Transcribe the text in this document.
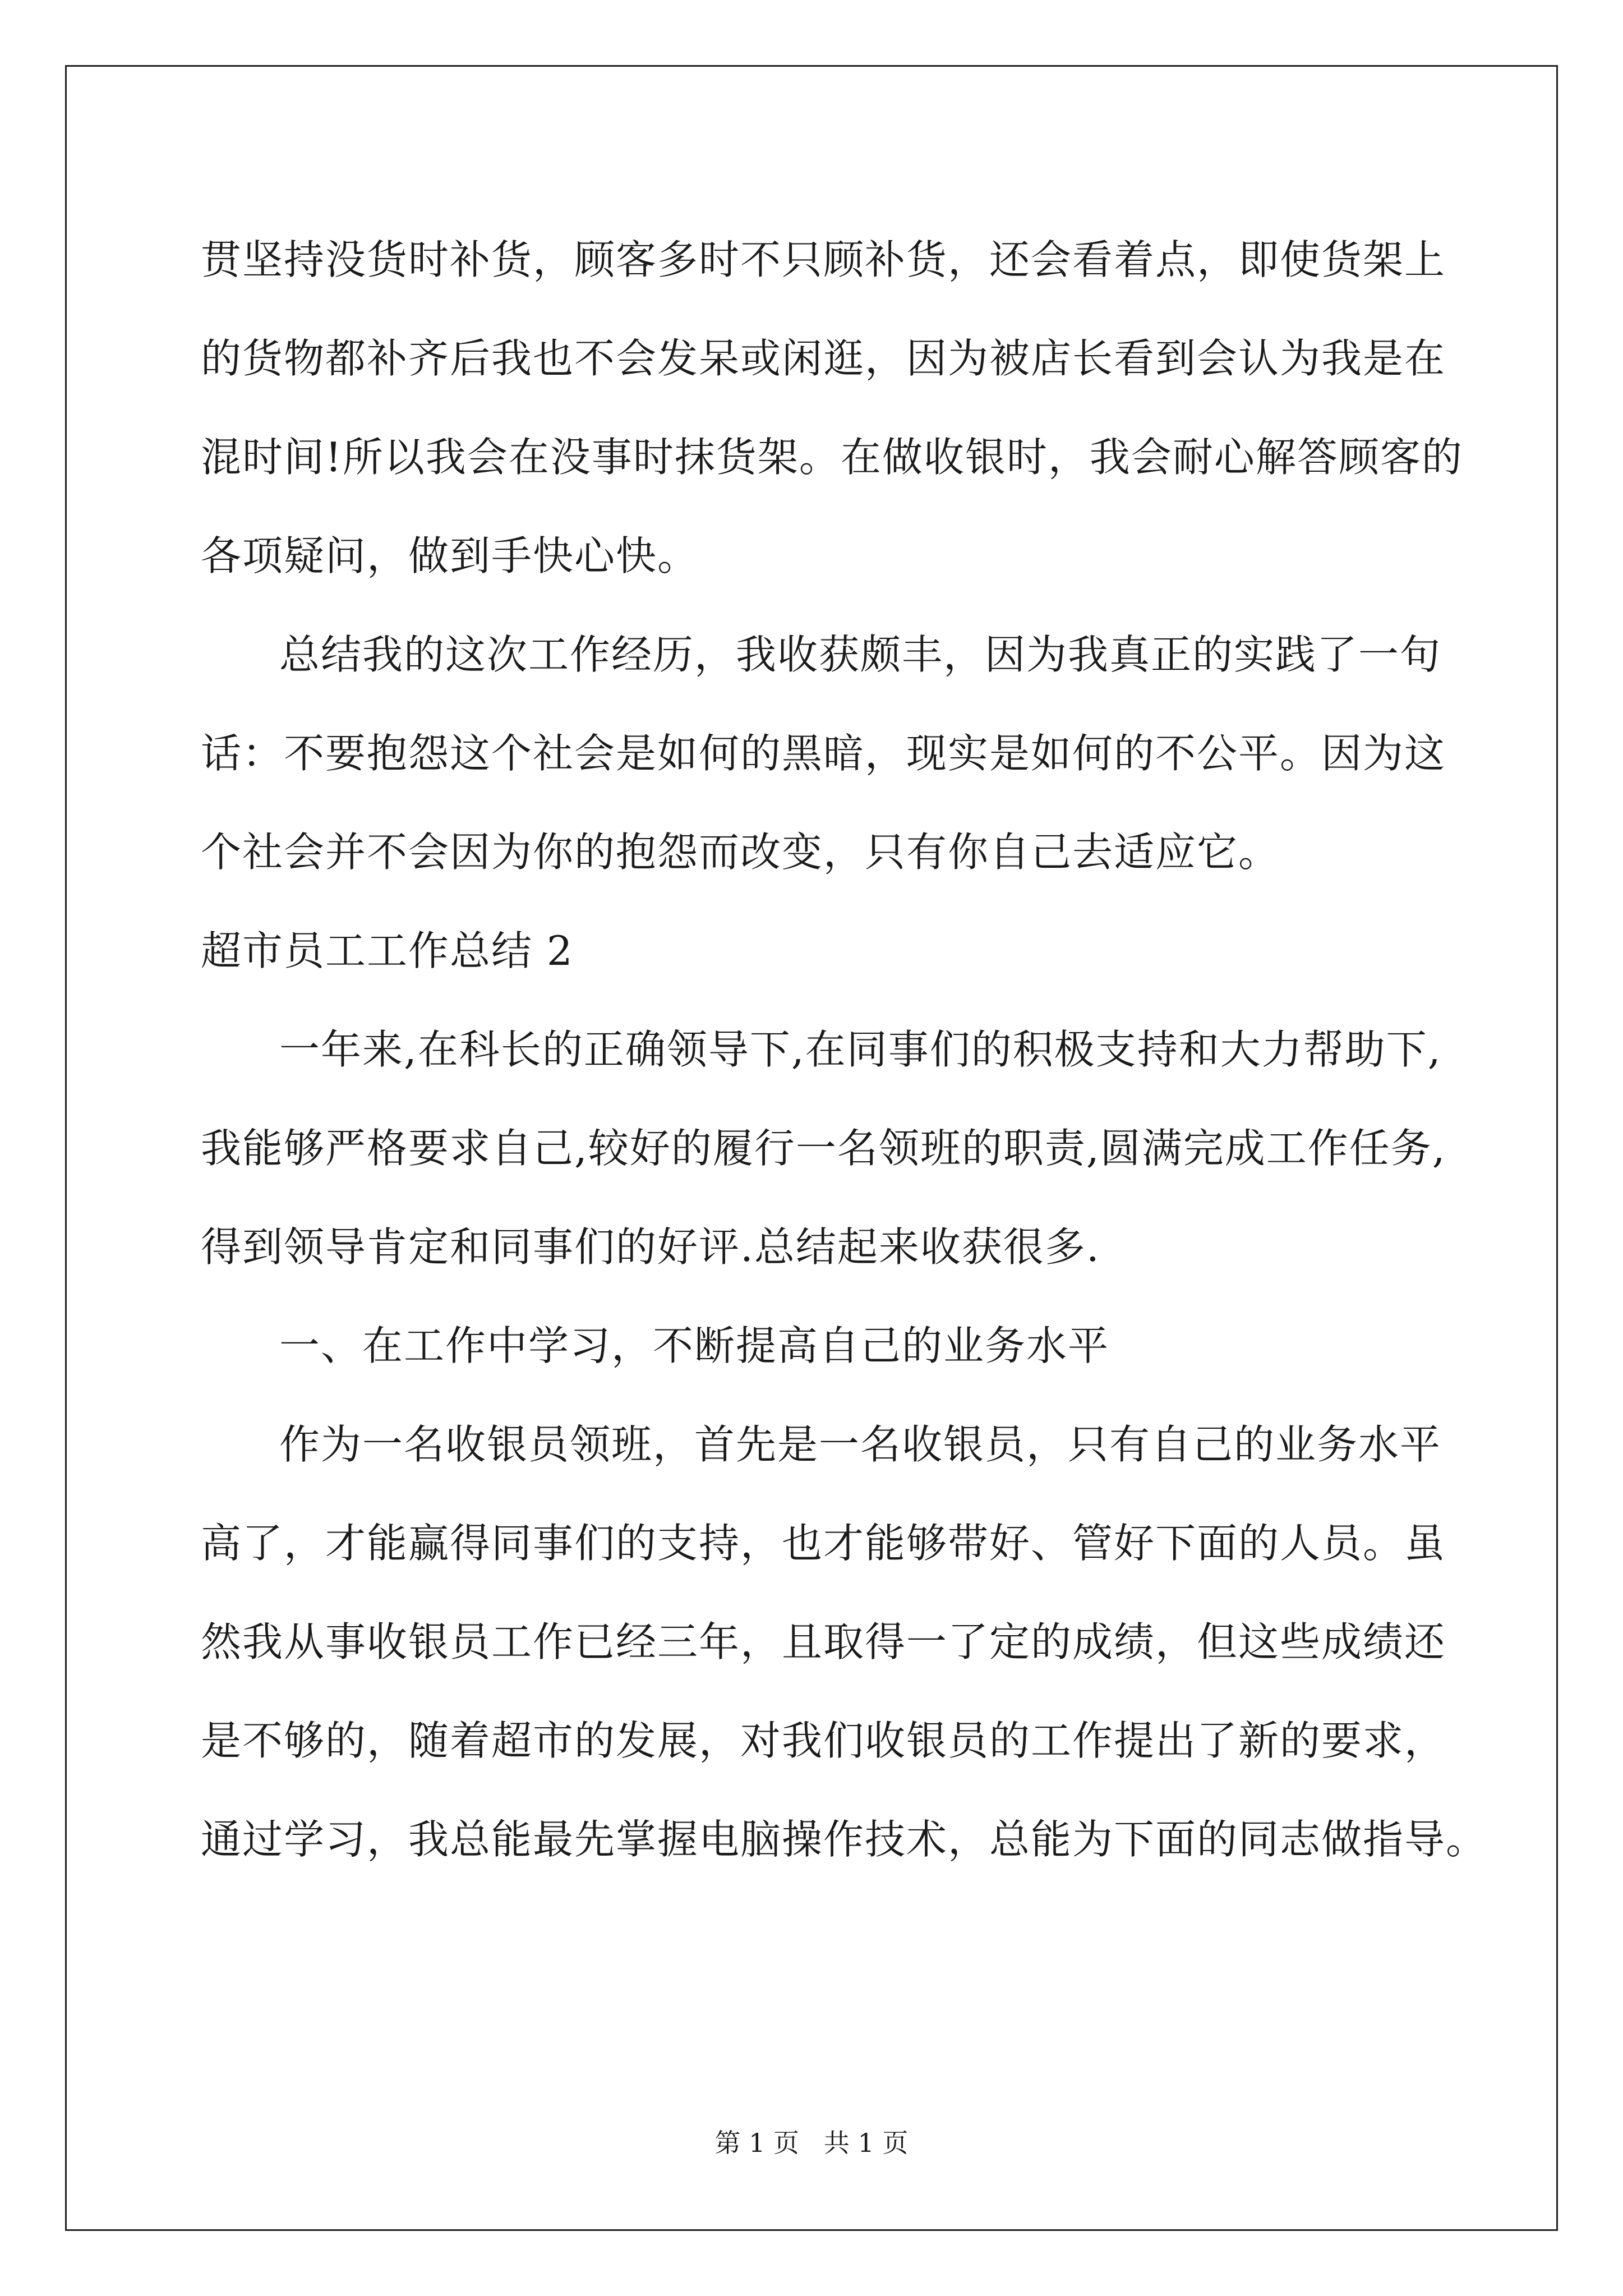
贯坚持没货时补货，顾客多时不只顾补货，还会看着点，即使货架上
的货物都补齐后我也不会发呆或闲逛，因为被店长看到会认为我是在
混时间!所以我会在没事时抹货架。在做收银时，我会耐心解答顾客的
各项疑问，做到手快心快。
总结我的这次工作经历，我收获颇丰，因为我真正的实践了一句
话：不要抱怨这个社会是如何的黑暗，现实是如何的不公平。因为这
个社会并不会因为你的抱怨而改变，只有你自己去适应它。
超市员工工作总结 2
一年来,在科长的正确领导下,在同事们的积极支持和大力帮助下,
我能够严格要求自己,较好的履行一名领班的职责,圆满完成工作任务,
得到领导肯定和同事们的好评.总结起来收获很多.
一、在工作中学习，不断提高自己的业务水平
作为一名收银员领班，首先是一名收银员，只有自己的业务水平
高了，才能赢得同事们的支持，也才能够带好、管好下面的人员。虽
然我从事收银员工作已经三年，且取得一了定的成绩，但这些成绩还
是不够的，随着超市的发展，对我们收银员的工作提出了新的要求，
通过学习，我总能最先掌握电脑操作技术，总能为下面的同志做指导。
第 1 页   共 1 页
